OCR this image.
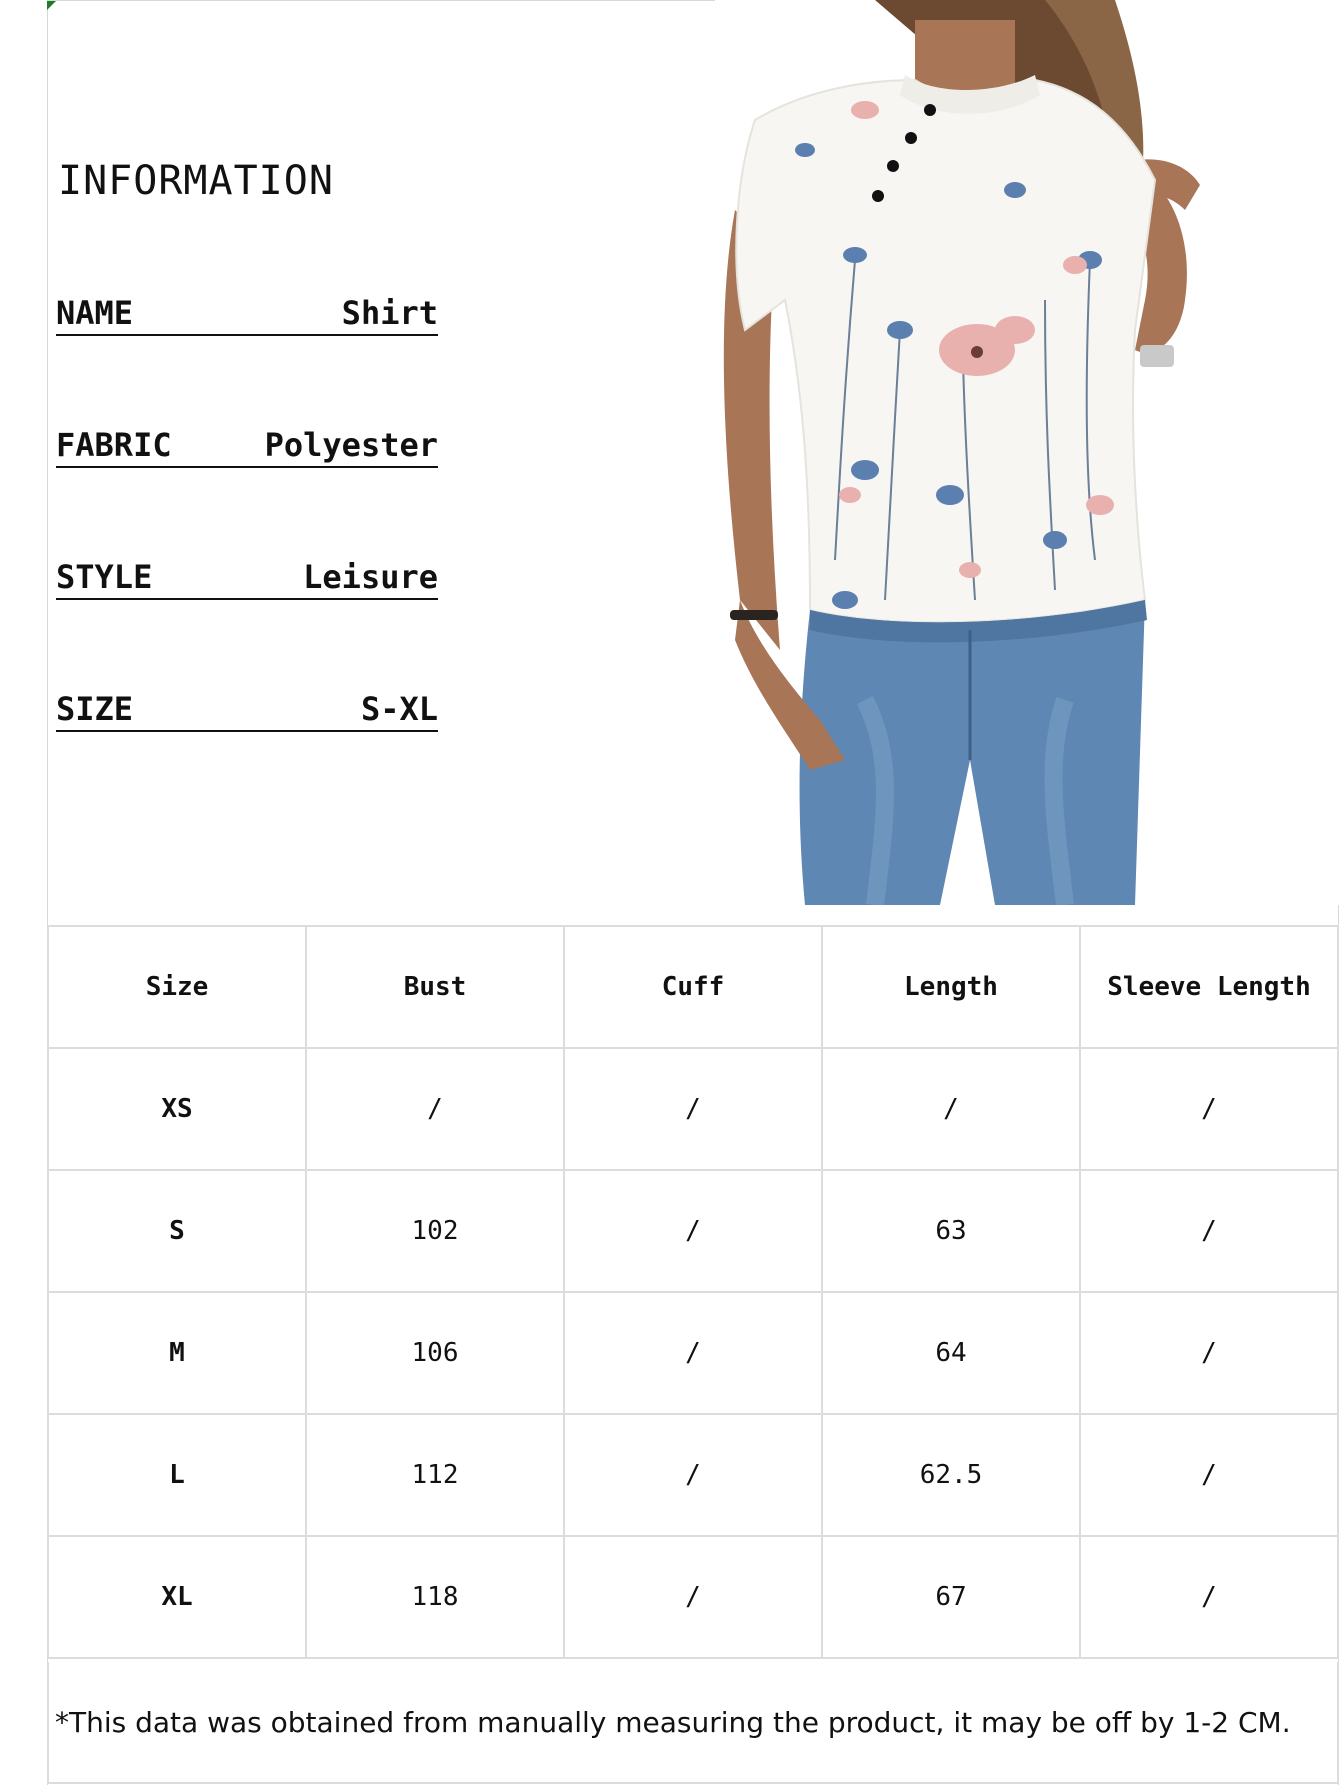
INFORMATION
NAME	Shirt
FABRIC	Polyester
STYLE	Leisure
SIZE	S-XL
Size	Bust	Cuff	Length	Sleeve Length
XS	/	/	/	/
S	102	/	63	/
M	106	/	64	/
L	112	/	62.5	/
XL	118	/	67	/
*This data was obtained from manually measuring the product, it may be off by 1-2 CM.
